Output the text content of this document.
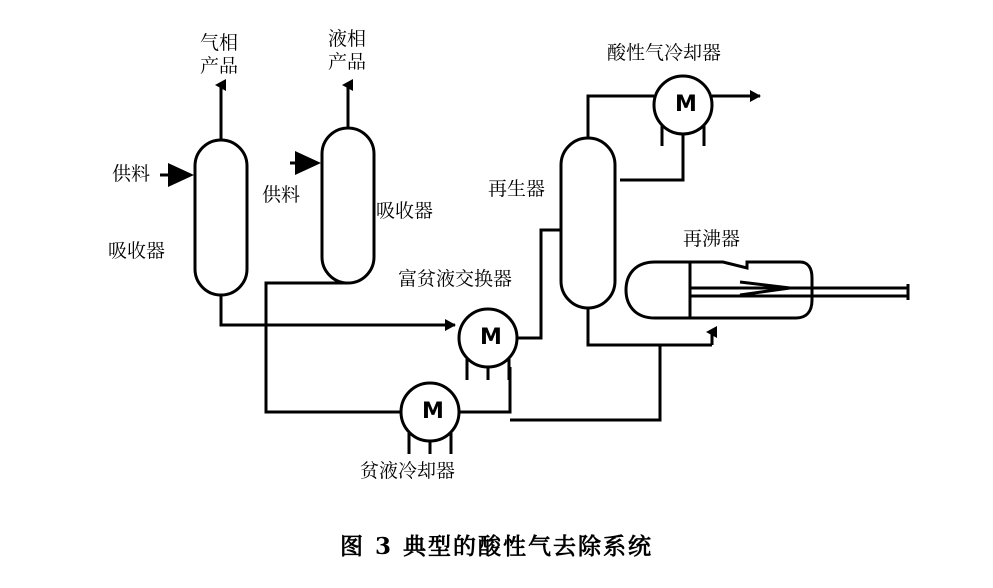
气相
产品
液相
产品	酸性气冷却器
供料
供料
吸收器
吸收器
再生器
再沸器
富贫液交换器
贫液冷却器
M
M
M
图 3 典型的酸性气去除系统
